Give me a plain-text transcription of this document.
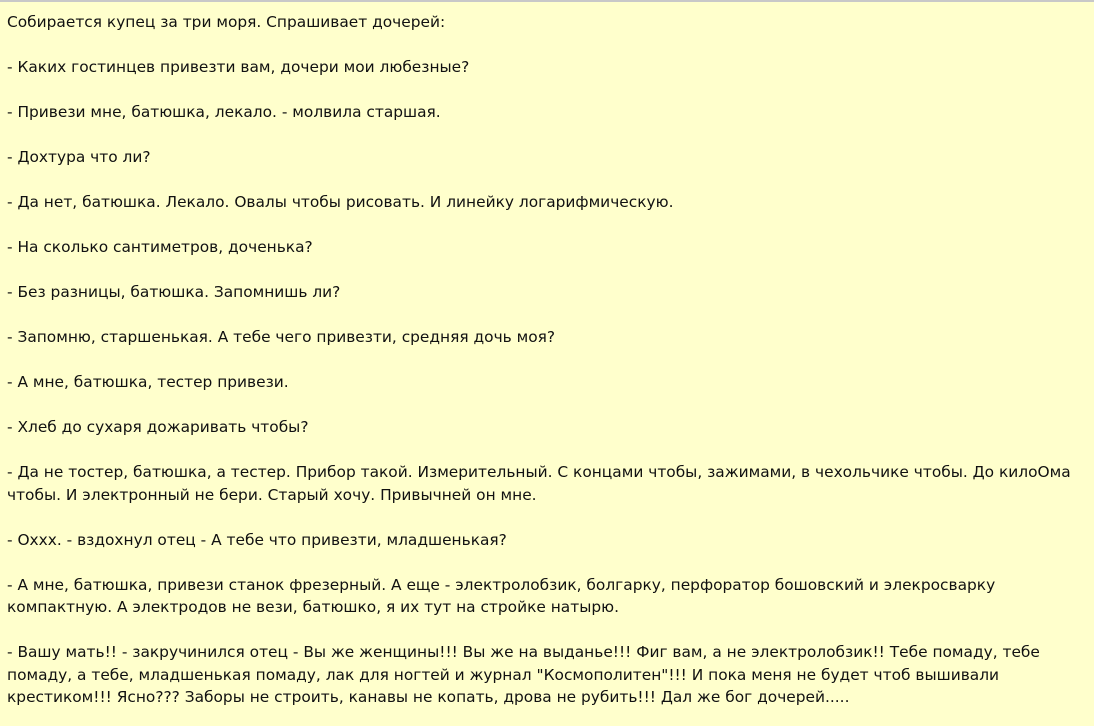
Собирается купец за три моря. Спрашивает дочерей:

- Каких гостинцев привезти вам, дочери мои любезные?

- Привези мне, батюшка, лекало. - молвила старшая.

- Дохтура что ли?

- Да нет, батюшка. Лекало. Овалы чтобы рисовать. И линейку логарифмическую.

- На сколько сантиметров, доченька?

- Без разницы, батюшка. Запомнишь ли?

- Запомню, старшенькая. А тебе чего привезти, средняя дочь моя?

- А мне, батюшка, тестер привези.

- Хлеб до сухаря дожаривать чтобы?

- Да не тостер, батюшка, а тестер. Прибор такой. Измерительный. С концами чтобы, зажимами, в чехольчике чтобы. До килоОма чтобы. И электронный не бери. Старый хочу. Привычней он мне.

- Оххх. - вздохнул отец - А тебе что привезти, младшенькая?

- А мне, батюшка, привези станок фрезерный. А еще - электролобзик, болгарку, перфоратор бошовский и элекросварку компактную. А электродов не вези, батюшко, я их тут на стройке натырю.

- Вашу мать!! - закручинился отец - Вы же женщины!!! Вы же на выданье!!! Фиг вам, а не электролобзик!! Тебе помаду, тебе помаду, а тебе, младшенькая помаду, лак для ногтей и журнал "Космополитен"!!! И пока меня не будет чтоб вышивали крестиком!!! Ясно??? Заборы не строить, канавы не копать, дрова не рубить!!! Дал же бог дочерей.....
